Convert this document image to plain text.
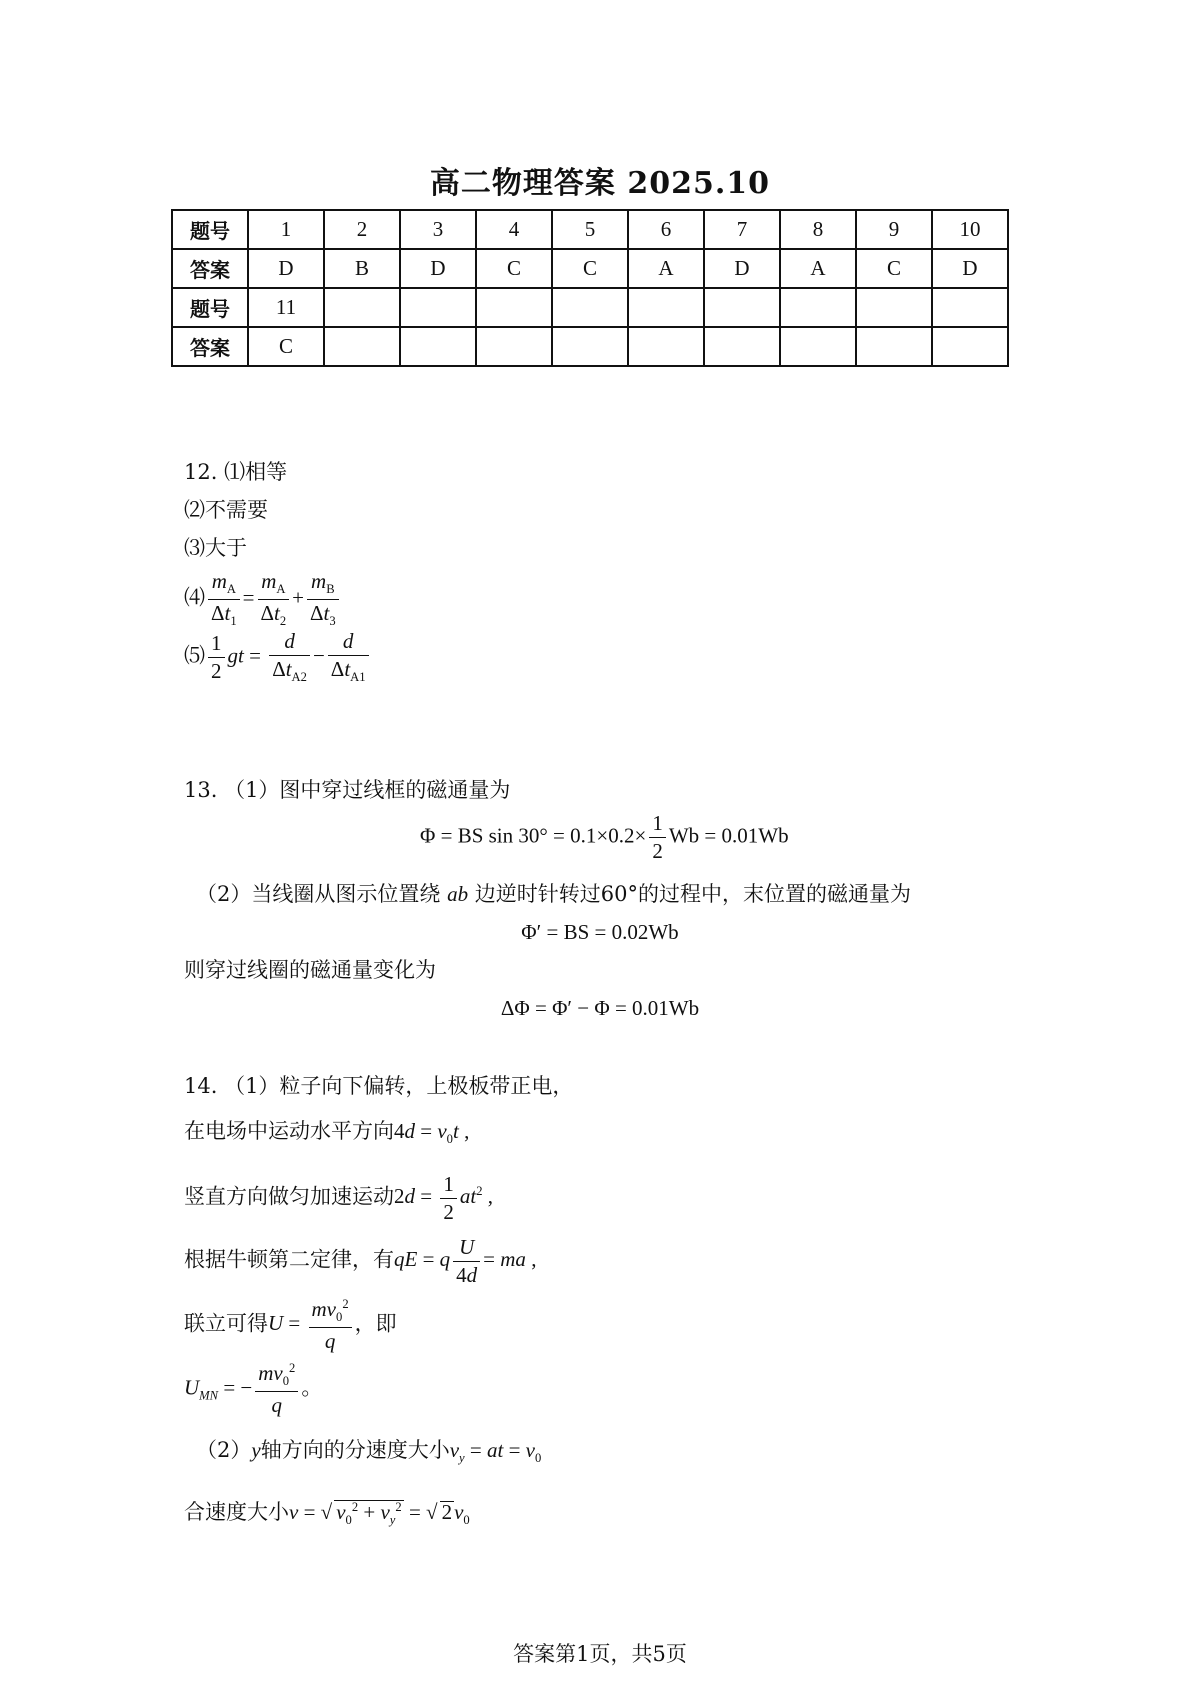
高二物理答案 2025.10
题号	1	2	3	4	5	6	7	8	9	10
答案	D	B	D	C	C	A	D	A	C	D
题号	11									
答案	C									
12. ⑴相等
⑵不需要
⑶大于
⑷ $\frac{m_A}{\Delta t_1} = \frac{m_A}{\Delta t_2} + \frac{m_B}{\Delta t_3}$
⑸ $\frac{1}{2}$ gt = $\frac{d}{\Delta t_{A2}} - \frac{d}{\Delta t_{A1}}$
13. （1）图中穿过线框的磁通量为
Φ = BS $\sin 30^\circ = 0.1\times 0.2\times \frac{1}{2}$ Wb = 0.01Wb
（2）当线圈从图示位置绕 ab 边逆时针转过60°的过程中，末位置的磁通量为
Φ′ = BS = 0.02Wb
则穿过线圈的磁通量变化为
ΔΦ = Φ′ − Φ = 0.01Wb
14. （1）粒子向下偏转，上极板带正电，
在电场中运动水平方向$4d = v_0t$ ,
竖直方向做匀加速运动$2d = \frac{1}{2} at^2$ ,
根据牛顿第二定律，有qE = q $\frac{U}{4d}$ = ma ,
联立可得$U = \frac{mv_0^2}{q}$ ，即
$U_{MN}$ = − $\frac{mv_0^2}{q}$ 。
（2）y轴方向的分速度大小$v_y$ = at = $v_0$
合速度大小v = √ $v_0^2 + v_y^2$ = √ $2v_0$
答案第1页，共5页
